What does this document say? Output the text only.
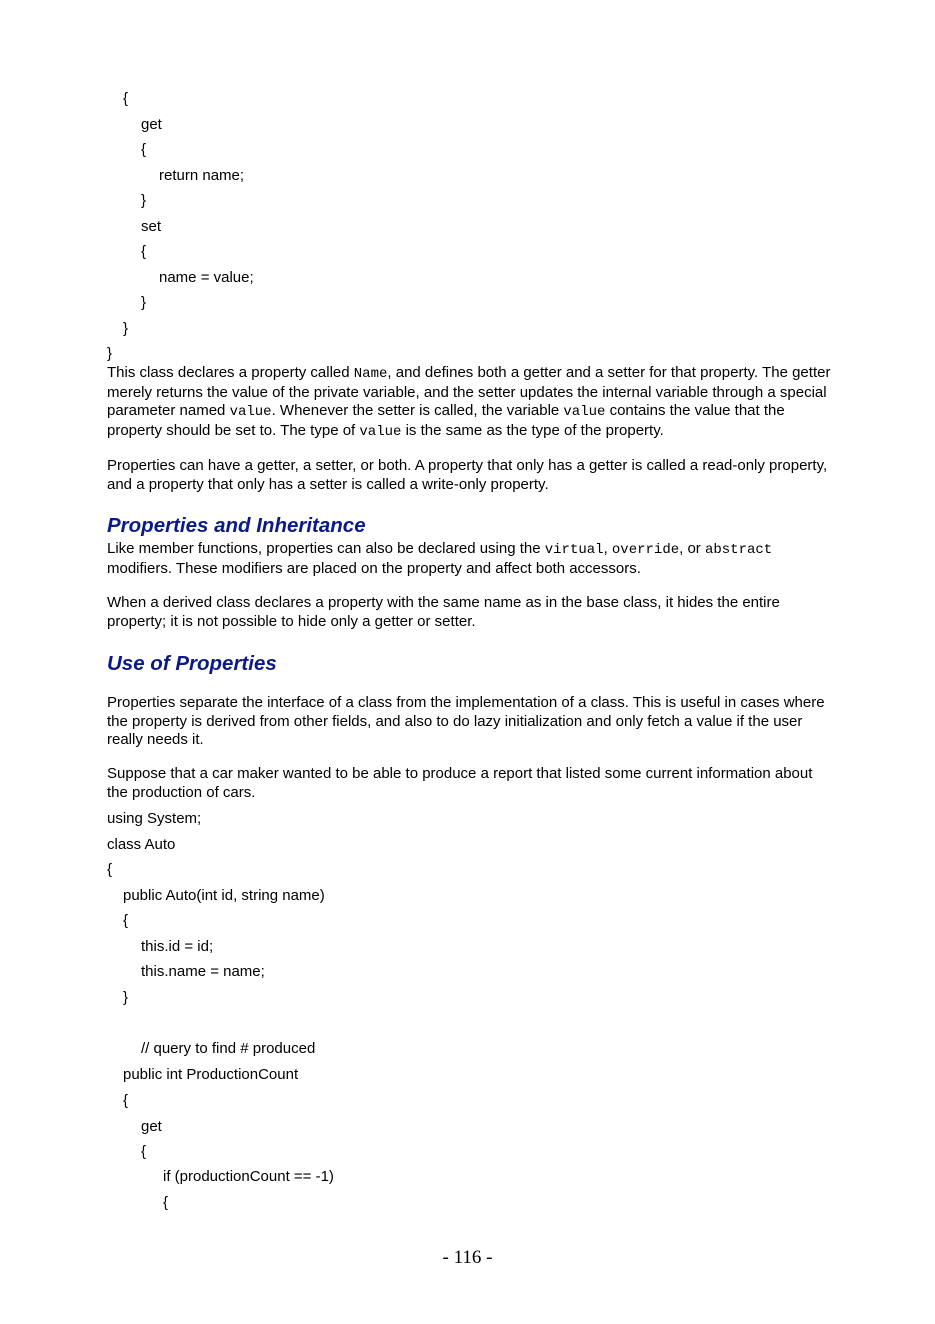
{
get
{
return name;
}
set
{
name = value;
}
}
}
This class declares a property called Name, and defines both a getter and a setter for that property. The getter merely returns the value of the private variable, and the setter updates the internal variable through a special parameter named value. Whenever the setter is called, the variable value contains the value that the property should be set to. The type of value is the same as the type of the property.
Properties can have a getter, a setter, or both. A property that only has a getter is called a read-only property, and a property that only has a setter is called a write-only property.
Properties and Inheritance
Like member functions, properties can also be declared using the virtual, override, or abstract modifiers. These modifiers are placed on the property and affect both accessors.
When a derived class declares a property with the same name as in the base class, it hides the entire property; it is not possible to hide only a getter or setter.
Use of Properties
Properties separate the interface of a class from the implementation of a class. This is useful in cases where the property is derived from other fields, and also to do lazy initialization and only fetch a value if the user really needs it.
Suppose that a car maker wanted to be able to produce a report that listed some current information about the production of cars.
using System;
class Auto
{
public Auto(int id, string name)
{
this.id = id;
this.name = name;
}
// query to find # produced
public int ProductionCount
{
get
{
if (productionCount == -1)
{
- 116 -
